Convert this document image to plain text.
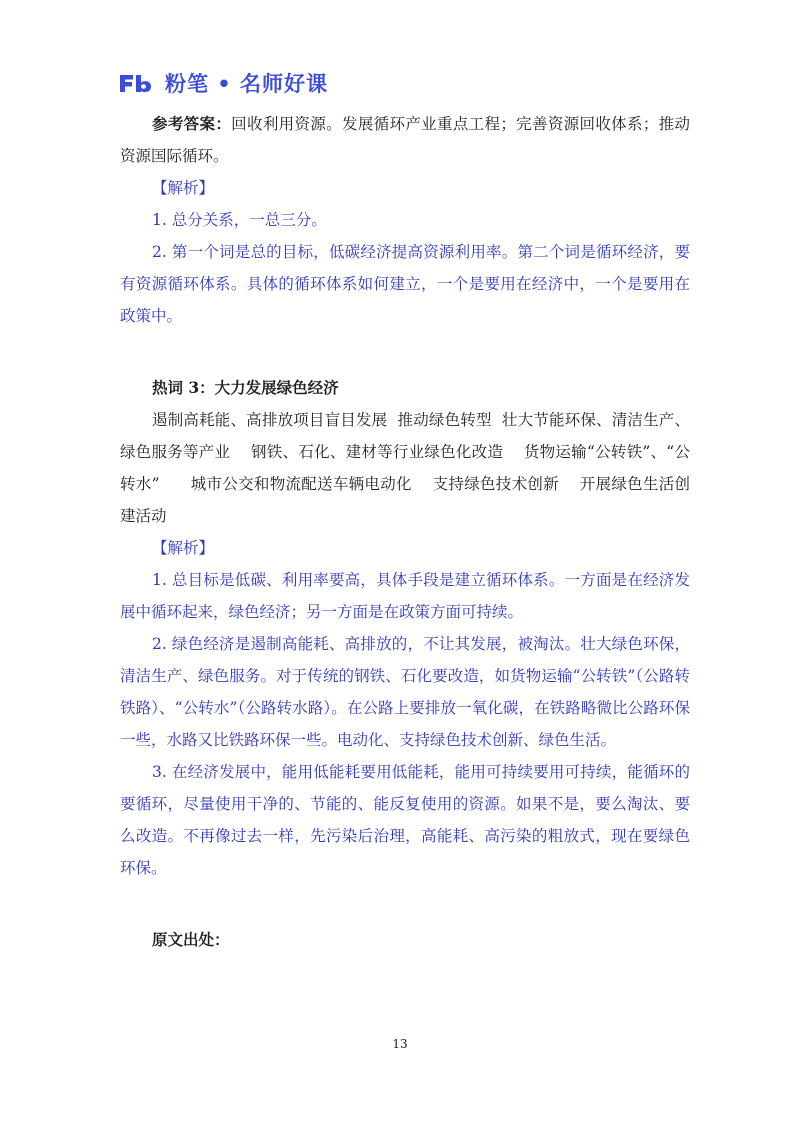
粉笔 • 名师好课

参考答案：回收利用资源。发展循环产业重点工程；完善资源回收体系；推动资源国际循环。

【解析】

1. 总分关系，一总三分。

2. 第一个词是总的目标，低碳经济提高资源利用率。第二个词是循环经济，要有资源循环体系。具体的循环体系如何建立，一个是要用在经济中，一个是要用在政策中。

热词 3：大力发展绿色经济

遏制高耗能、高排放项目盲目发展  推动绿色转型  壮大节能环保、清洁生产、绿色服务等产业    钢铁、石化、建材等行业绿色化改造    货物运输“公转铁”、“公转水”      城市公交和物流配送车辆电动化    支持绿色技术创新    开展绿色生活创建活动

【解析】

1. 总目标是低碳、利用率要高，具体手段是建立循环体系。一方面是在经济发展中循环起来，绿色经济；另一方面是在政策方面可持续。

2. 绿色经济是遏制高能耗、高排放的，不让其发展，被淘汰。壮大绿色环保，清洁生产、绿色服务。对于传统的钢铁、石化要改造，如货物运输“公转铁”（公路转铁路）、“公转水”（公路转水路）。在公路上要排放一氧化碳，在铁路略微比公路环保一些，水路又比铁路环保一些。电动化、支持绿色技术创新、绿色生活。

3. 在经济发展中，能用低能耗要用低能耗，能用可持续要用可持续，能循环的要循环，尽量使用干净的、节能的、能反复使用的资源。如果不是，要么淘汰、要么改造。不再像过去一样，先污染后治理，高能耗、高污染的粗放式，现在要绿色环保。

原文出处：

13
